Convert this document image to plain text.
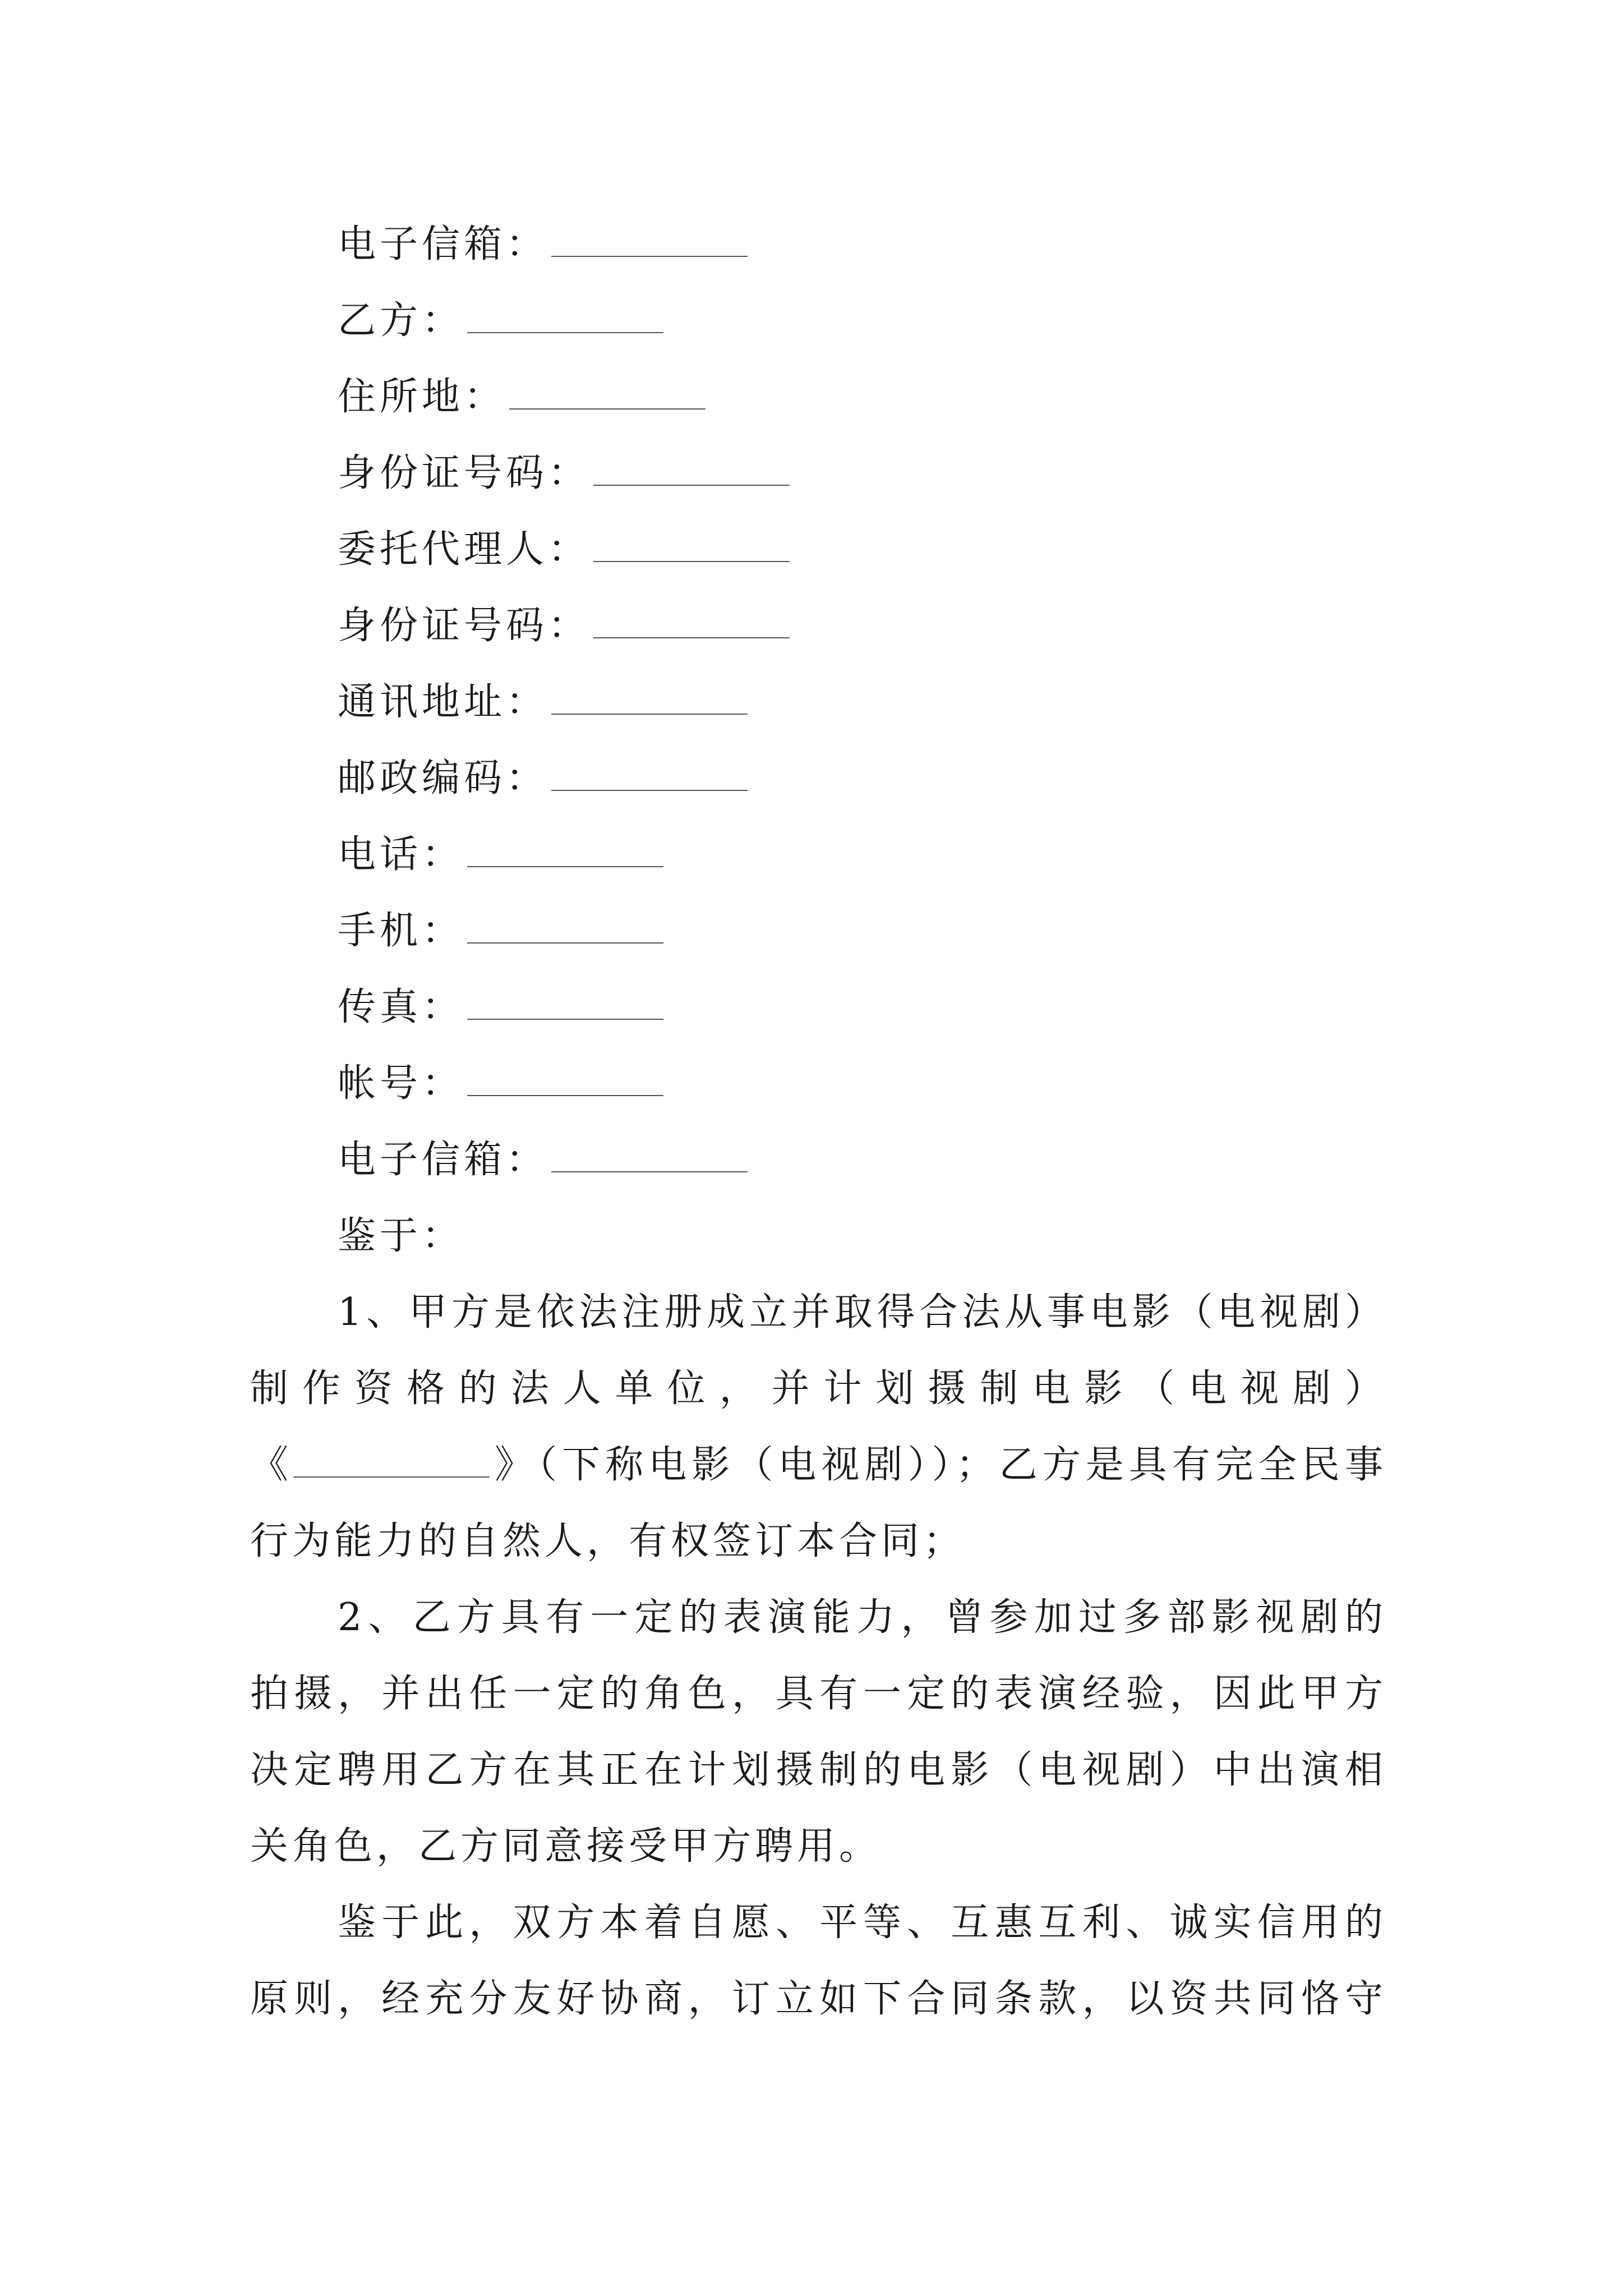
电子信箱：
乙方：
住所地：
身份证号码：
委托代理人：
身份证号码：
通讯地址：
邮政编码：
电话：
手机：
传真：
帐号：
电子信箱：
鉴于：
1、甲方是依法注册成立并取得合法从事电影（电视剧）
制作资格的法人单位，并计划摄制电影（电视剧）
《	》（下称电影（电视剧））；乙方是具有完全民事
行为能力的自然人，有权签订本合同；
2、乙方具有一定的表演能力，曾参加过多部影视剧的
拍摄，并出任一定的角色，具有一定的表演经验，因此甲方
决定聘用乙方在其正在计划摄制的电影（电视剧）中出演相
关角色，乙方同意接受甲方聘用。
鉴于此，双方本着自愿、平等、互惠互利、诚实信用的
原则，经充分友好协商，订立如下合同条款，以资共同恪守
